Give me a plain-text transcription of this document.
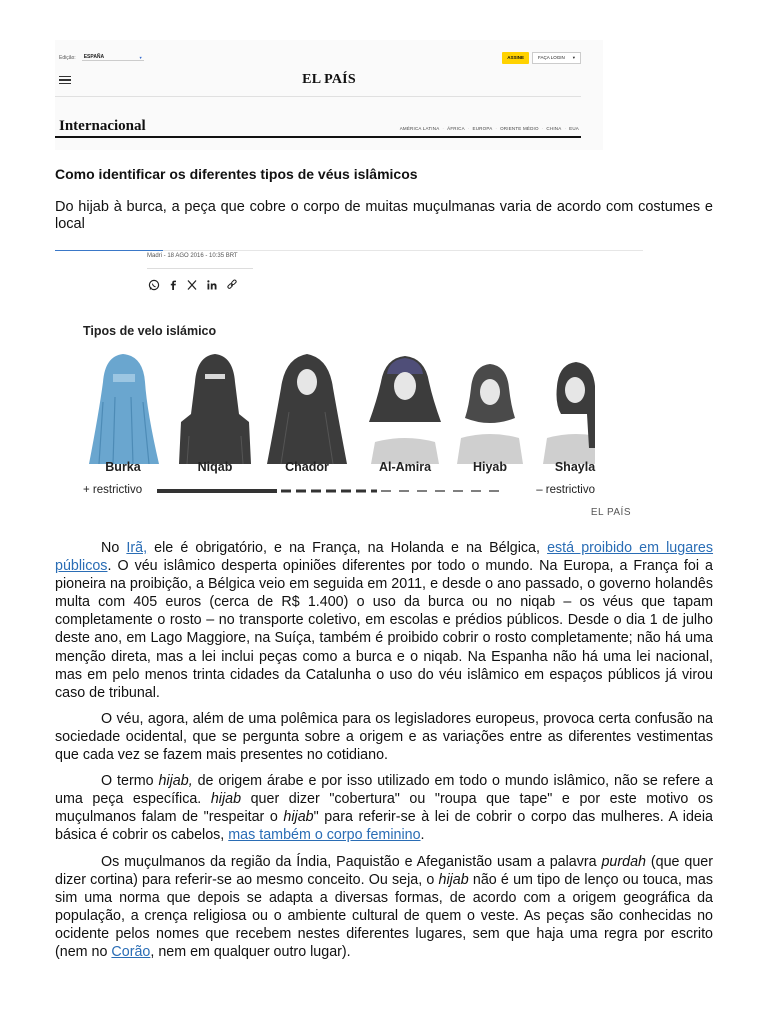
Edição: ESPAÑA	▾	ASSINE	FAÇA LOGIN ▾
EL PAÍS
Internacional	AMÉRICA LATINA · ÁFRICA · EUROPA · ORIENTE MÉDIO · CHINA · EUA
Como identificar os diferentes tipos de véus islâmicos
Do hijab à burca, a peça que cobre o corpo de muitas muçulmanas varia de acordo com costumes e local
Madri - 18 AGO 2016 - 10:35 BRT
Tipos de velo islámico
Burka	Niqab	Chador	Al-Amira	Hiyab	Shayla
+ restrictivo	– restrictivo
EL PAÍS

No Irã, ele é obrigatório, e na França, na Holanda e na Bélgica, está proibido em lugares públicos. O véu islâmico desperta opiniões diferentes por todo o mundo. Na Europa, a França foi a pioneira na proibição, a Bélgica veio em seguida em 2011, e desde o ano passado, o governo holandês multa com 405 euros (cerca de R$ 1.400) o uso da burca ou no niqab – os véus que tapam completamente o rosto – no transporte coletivo, em escolas e prédios públicos. Desde o dia 1 de julho deste ano, em Lago Maggiore, na Suíça, também é proibido cobrir o rosto completamente; não há uma menção direta, mas a lei inclui peças como a burca e o niqab. Na Espanha não há uma lei nacional, mas em pelo menos trinta cidades da Catalunha o uso do véu islâmico em espaços públicos já virou caso de tribunal.

O véu, agora, além de uma polêmica para os legisladores europeus, provoca certa confusão na sociedade ocidental, que se pergunta sobre a origem e as variações entre as diferentes vestimentas que cada vez se fazem mais presentes no cotidiano.

O termo hijab, de origem árabe e por isso utilizado em todo o mundo islâmico, não se refere a uma peça específica. hijab quer dizer "cobertura" ou "roupa que tape" e por este motivo os muçulmanos falam de "respeitar o hijab" para referir-se à lei de cobrir o corpo das mulheres. A ideia básica é cobrir os cabelos, mas também o corpo feminino.

Os muçulmanos da região da Índia, Paquistão e Afeganistão usam a palavra purdah (que quer dizer cortina) para referir-se ao mesmo conceito. Ou seja, o hijab não é um tipo de lenço ou touca, mas sim uma norma que depois se adapta a diversas formas, de acordo com a origem geográfica da população, a crença religiosa ou o ambiente cultural de quem o veste. As peças são conhecidas no ocidente pelos nomes que recebem nestes diferentes lugares, sem que haja uma regra por escrito (nem no Corão, nem em qualquer outro lugar).
